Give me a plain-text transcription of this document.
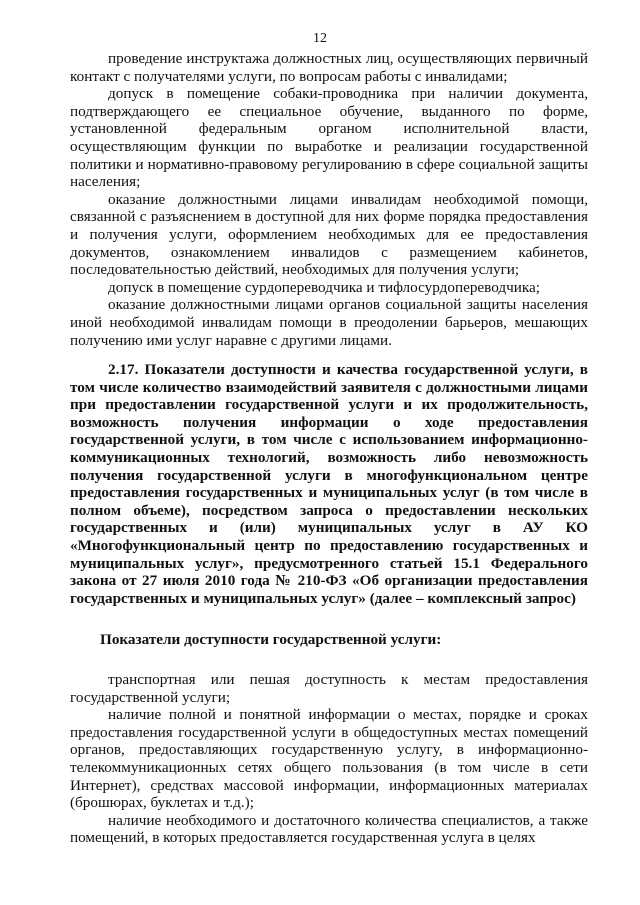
12

проведение инструктажа должностных лиц, осуществляющих первичный контакт с получателями услуги, по вопросам работы с инвалидами;

допуск в помещение собаки-проводника при наличии документа, подтверждающего ее специальное обучение, выданного по форме, установленной федеральным органом исполнительной власти, осуществляющим функции по выработке и реализации государственной политики и нормативно-правовому регулированию в сфере социальной защиты населения;

оказание должностными лицами инвалидам необходимой помощи, связанной с разъяснением в доступной для них форме порядка предоставления и получения услуги, оформлением необходимых для ее предоставления документов, ознакомлением инвалидов с размещением кабинетов, последовательностью действий, необходимых для получения услуги;

допуск в помещение сурдопереводчика и тифлосурдопереводчика;

оказание должностными лицами органов социальной защиты населения иной необходимой инвалидам помощи в преодолении барьеров, мешающих получению ими услуг наравне с другими лицами.

2.17. Показатели доступности и качества государственной услуги, в том числе количество взаимодействий заявителя с должностными лицами при предоставлении государственной услуги и их продолжительность, возможность получения информации о ходе предоставления государственной услуги, в том числе с использованием информационно-коммуникационных технологий, возможность либо невозможность получения государственной услуги в многофункциональном центре предоставления государственных и муниципальных услуг (в том числе в полном объеме), посредством запроса о предоставлении нескольких государственных и (или) муниципальных услуг в АУ КО «Многофункциональный центр по предоставлению государственных и муниципальных услуг», предусмотренного статьей 15.1 Федерального закона от 27 июля 2010 года № 210-ФЗ «Об организации предоставления государственных и муниципальных услуг» (далее – комплексный запрос)

Показатели доступности государственной услуги:

транспортная или пешая доступность к местам предоставления государственной услуги;

наличие полной и понятной информации о местах, порядке и сроках предоставления государственной услуги в общедоступных местах помещений органов, предоставляющих государственную услугу, в информационно-телекоммуникационных сетях общего пользования (в том числе в сети Интернет), средствах массовой информации, информационных материалах (брошюрах, буклетах и т.д.);

наличие необходимого и достаточного количества специалистов, а также помещений, в которых предоставляется государственная услуга в целях
